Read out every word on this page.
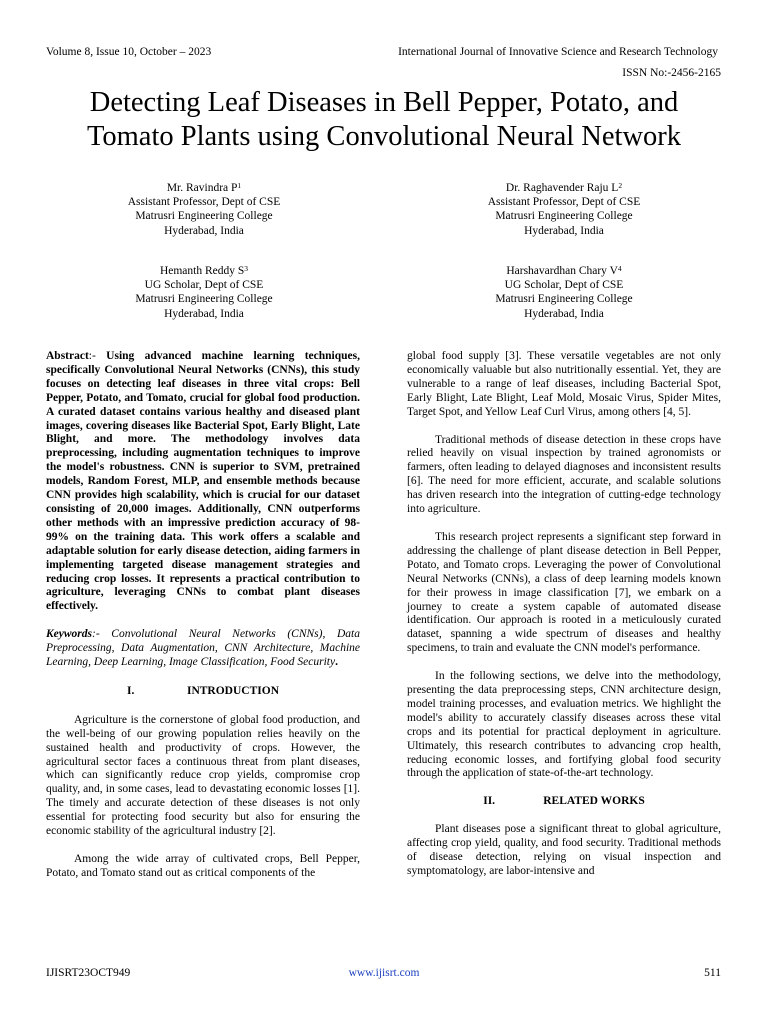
Volume 8, Issue 10, October – 2023	International Journal of Innovative Science and Research Technology
ISSN No:-2456-2165
Detecting Leaf Diseases in Bell Pepper, Potato, and
Tomato Plants using Convolutional Neural Network
Mr. Ravindra $P^1$
Assistant Professor, Dept of CSE
Matrusri Engineering College
Hyderabad, India
Dr. Raghavender Raju $L^2$
Assistant Professor, Dept of CSE
Matrusri Engineering College
Hyderabad, India
Hemanth Reddy $S^3$
UG Scholar, Dept of CSE
Matrusri Engineering College
Hyderabad, India
Harshavardhan Chary $V^4$
UG Scholar, Dept of CSE
Matrusri Engineering College
Hyderabad, India

Abstract:- Using advanced machine learning techniques, specifically Convolutional Neural Networks (CNNs), this study focuses on detecting leaf diseases in three vital crops: Bell Pepper, Potato, and Tomato, crucial for global food production. A curated dataset contains various healthy and diseased plant images, covering diseases like Bacterial Spot, Early Blight, Late Blight, and more. The methodology involves data preprocessing, including augmentation techniques to improve the model's robustness. CNN is superior to SVM, pretrained models, Random Forest, MLP, and ensemble methods because CNN provides high scalability, which is crucial for our dataset consisting of 20,000 images. Additionally, CNN outperforms other methods with an impressive prediction accuracy of 98-99% on the training data. This work offers a scalable and adaptable solution for early disease detection, aiding farmers in implementing targeted disease management strategies and reducing crop losses. It represents a practical contribution to agriculture, leveraging CNNs to combat plant diseases effectively.

Keywords:- Convolutional Neural Networks (CNNs), Data Preprocessing, Data Augmentation, CNN Architecture, Machine Learning, Deep Learning, Image Classification, Food Security.

I.	INTRODUCTION

Agriculture is the cornerstone of global food production, and the well-being of our growing population relies heavily on the sustained health and productivity of crops. However, the agricultural sector faces a continuous threat from plant diseases, which can significantly reduce crop yields, compromise crop quality, and, in some cases, lead to devastating economic losses [1]. The timely and accurate detection of these diseases is not only essential for protecting food security but also for ensuring the economic stability of the agricultural industry [2].

Among the wide array of cultivated crops, Bell Pepper, Potato, and Tomato stand out as critical components of the

global food supply [3]. These versatile vegetables are not only economically valuable but also nutritionally essential. Yet, they are vulnerable to a range of leaf diseases, including Bacterial Spot, Early Blight, Late Blight, Leaf Mold, Mosaic Virus, Spider Mites, Target Spot, and Yellow Leaf Curl Virus, among others [4, 5].

Traditional methods of disease detection in these crops have relied heavily on visual inspection by trained agronomists or farmers, often leading to delayed diagnoses and inconsistent results [6]. The need for more efficient, accurate, and scalable solutions has driven research into the integration of cutting-edge technology into agriculture.

This research project represents a significant step forward in addressing the challenge of plant disease detection in Bell Pepper, Potato, and Tomato crops. Leveraging the power of Convolutional Neural Networks (CNNs), a class of deep learning models known for their prowess in image classification [7], we embark on a journey to create a system capable of automated disease identification. Our approach is rooted in a meticulously curated dataset, spanning a wide spectrum of diseases and healthy specimens, to train and evaluate the CNN model's performance.

In the following sections, we delve into the methodology, presenting the data preprocessing steps, CNN architecture design, model training processes, and evaluation metrics. We highlight the model's ability to accurately classify diseases across these vital crops and its potential for practical deployment in agriculture. Ultimately, this research contributes to advancing crop health, reducing economic losses, and fortifying global food security through the application of state-of-the-art technology.

II.	RELATED WORKS

Plant diseases pose a significant threat to global agriculture, affecting crop yield, quality, and food security. Traditional methods of disease detection, relying on visual inspection and symptomatology, are labor-intensive and

IJISRT23OCT949	www.ijisrt.com	511
